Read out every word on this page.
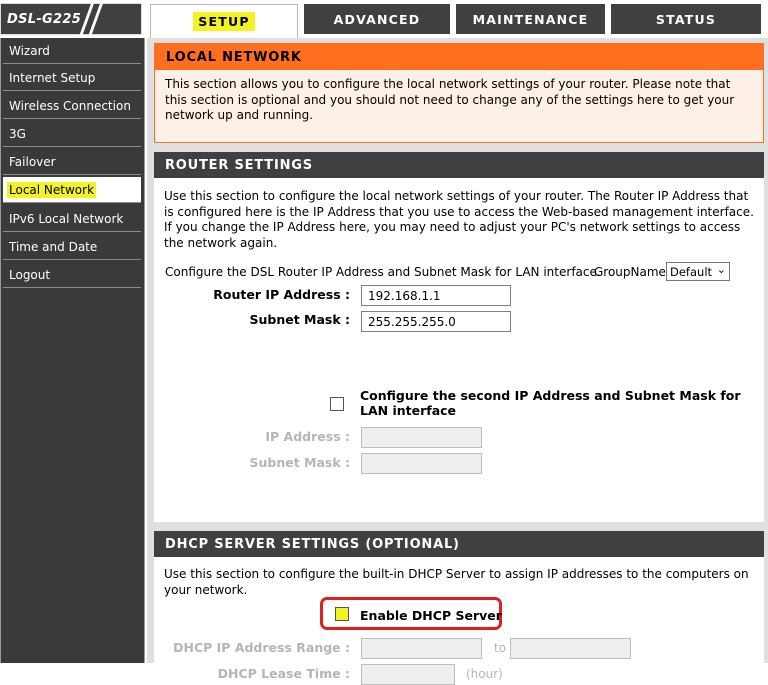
DSL-G225	SETUP	ADVANCED	MAINTENANCE	STATUS
Wizard
Internet Setup
Wireless Connection
3G
Failover
Local Network
IPv6 Local Network
Time and Date
Logout
LOCAL NETWORK
This section allows you to configure the local network settings of your router. Please note that this section is optional and you should not need to change any of the settings here to get your network up and running.
ROUTER SETTINGS
Use this section to configure the local network settings of your router. The Router IP Address that is configured here is the IP Address that you use to access the Web-based management interface. If you change the IP Address here, you may need to adjust your PC's network settings to access the network again.
Configure the DSL Router IP Address and Subnet Mask for LAN interface.
GroupName Default ⌄
Router IP Address :	192.168.1.1
Subnet Mask :	255.255.255.0
Configure the second IP Address and Subnet Mask for LAN interface
IP Address :
Subnet Mask :
DHCP SERVER SETTINGS (OPTIONAL)
Use this section to configure the built-in DHCP Server to assign IP addresses to the computers on your network.
Enable DHCP Server
DHCP IP Address Range :	to
DHCP Lease Time :	(hour)
